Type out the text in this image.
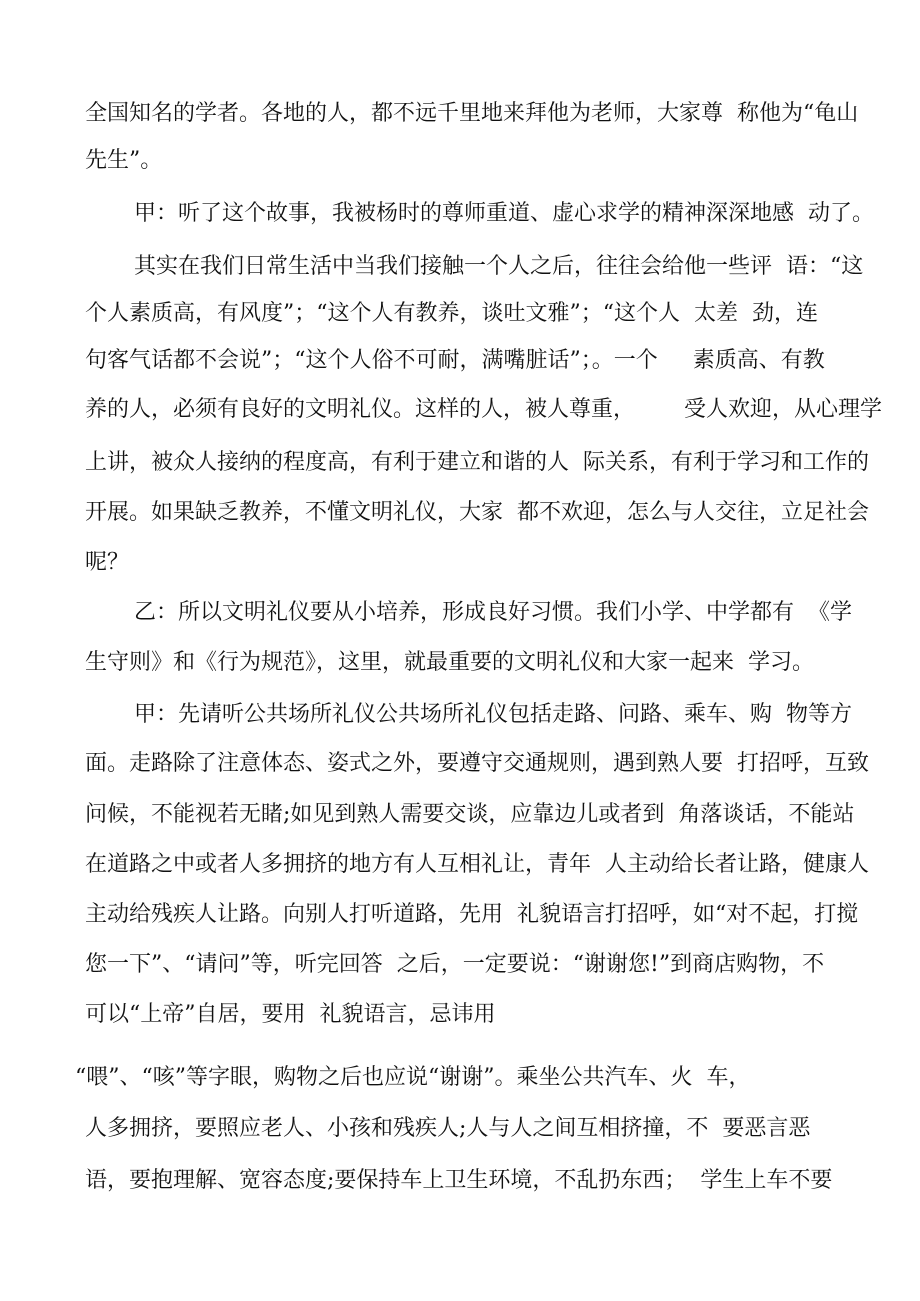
全国知名的学者。各地的人，都不远千里地来拜他为老师，大家尊  称他为“龟山

先生”。

甲：听了这个故事，我被杨时的尊师重道、虚心求学的精神深深地感  动了。

其实在我们日常生活中当我们接触一个人之后，往往会给他一些评  语：“这

个人素质高，有风度”；“这个人有教养，谈吐文雅”；“这个人  太差  劲，连

句客气话都不会说”；“这个人俗不可耐，满嘴脏话”；。一个     素质高、有教

养的人，必须有良好的文明礼仪。这样的人，被人尊重，       受人欢迎，从心理学

上讲，被众人接纳的程度高，有利于建立和谐的人  际关系，有利于学习和工作的

开展。如果缺乏教养，不懂文明礼仪，大家  都不欢迎，怎么与人交往，立足社会

呢？

乙：所以文明礼仪要从小培养，形成良好习惯。我们小学、中学都有  《学

生守则》和《行为规范》，这里，就最重要的文明礼仪和大家一起来  学习。

甲：先请听公共场所礼仪公共场所礼仪包括走路、问路、乘车、购  物等方

面。走路除了注意体态、姿式之外，要遵守交通规则，遇到熟人要  打招呼，互致

问候，不能视若无睹;如见到熟人需要交谈，应靠边儿或者到  角落谈话，不能站

在道路之中或者人多拥挤的地方有人互相礼让，青年  人主动给长者让路，健康人

主动给残疾人让路。向别人打听道路，先用  礼貌语言打招呼，如“对不起，打搅

您一下”、“请问”等，听完回答  之后，一定要说：“谢谢您!”到商店购物，不

可以“上帝”自居，要用  礼貌语言，忌讳用

“喂”、“咳”等字眼，购物之后也应说“谢谢”。乘坐公共汽车、火  车，

人多拥挤，要照应老人、小孩和残疾人;人与人之间互相挤撞，不  要恶言恶

语，要抱理解、宽容态度;要保持车上卫生环境，不乱扔东西；  学生上车不要
